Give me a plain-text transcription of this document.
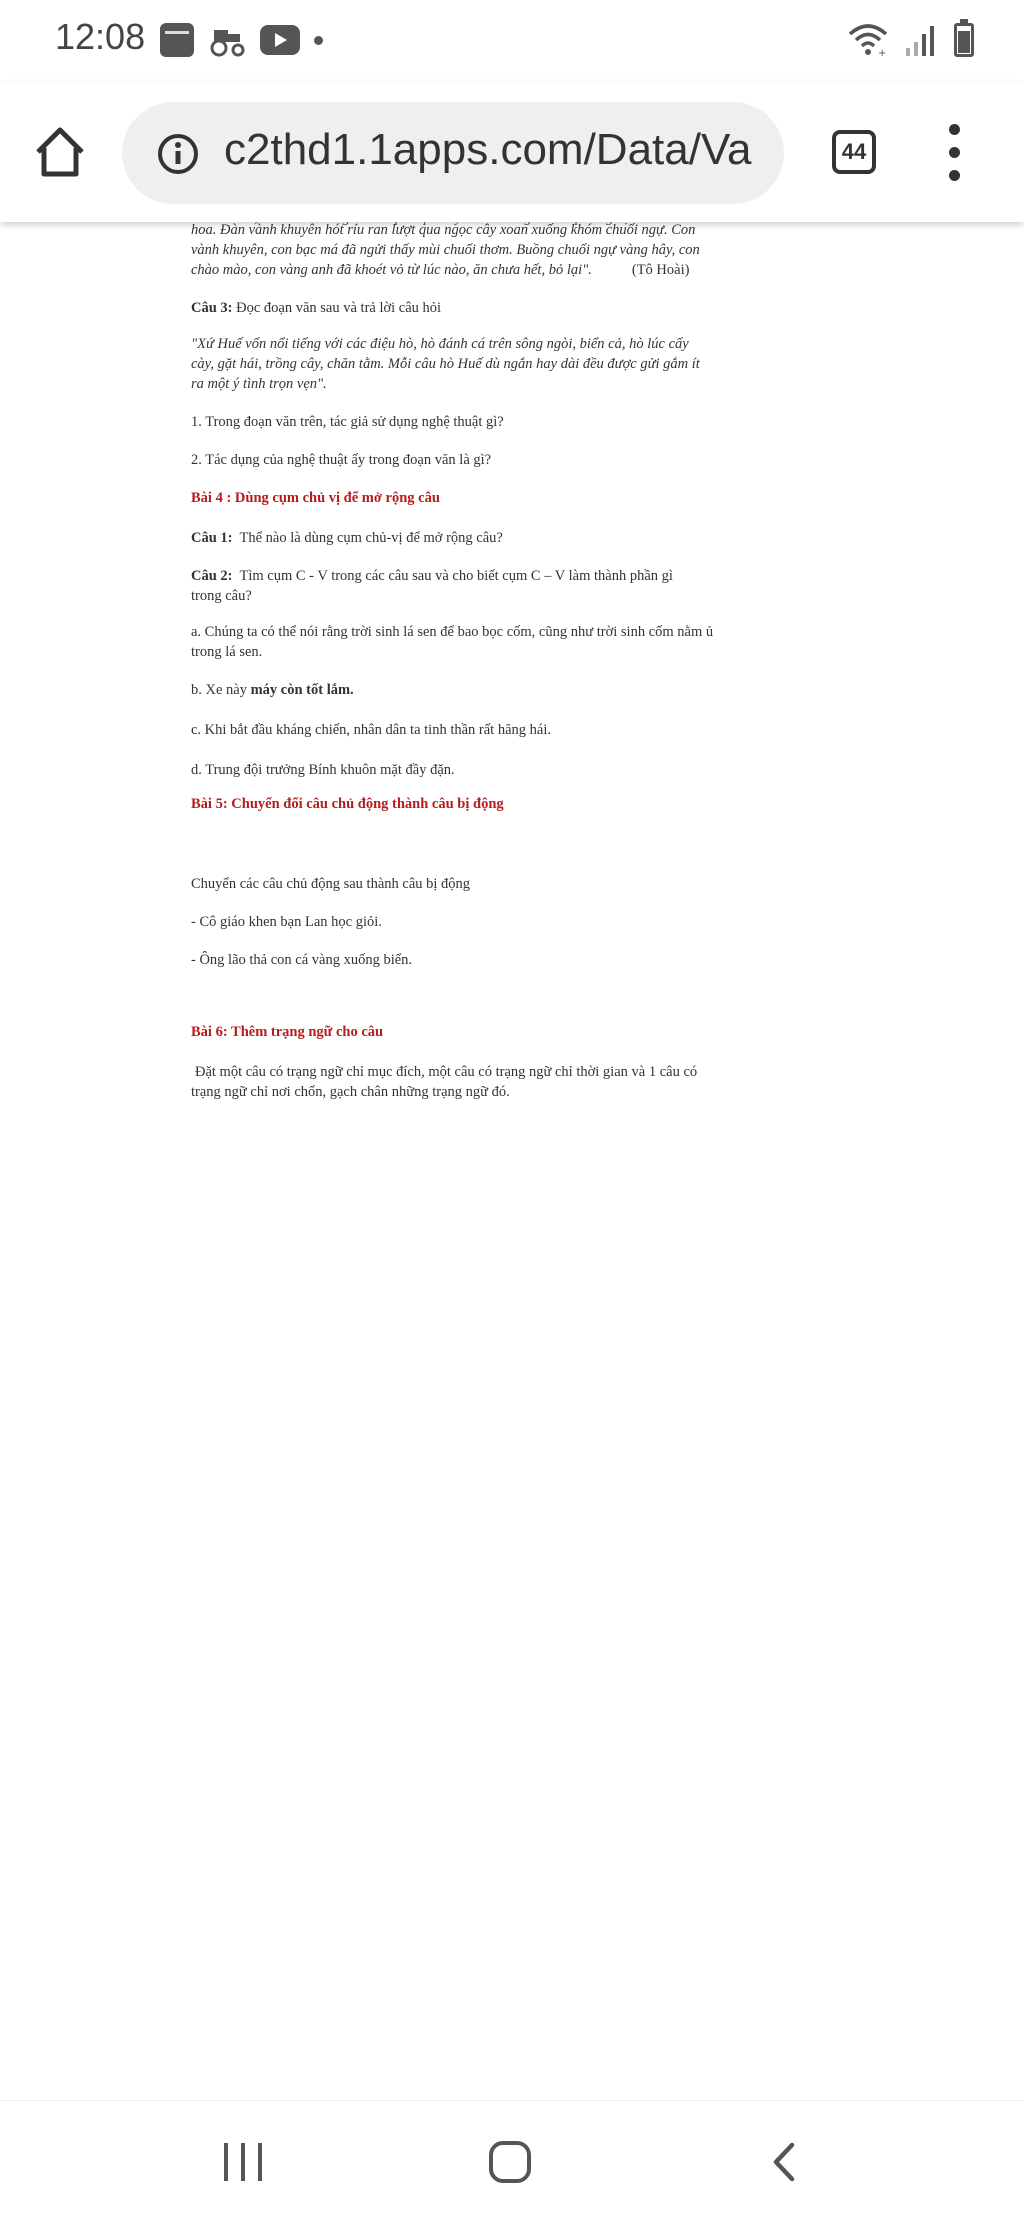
12:08	+
c2thd1.1apps.com/Data/Va	44

hoa. Đàn vành khuyên hót ríu ran lượt qua ngọc cây xoan xuống khóm chuối ngự. Con

vành khuyên, con bạc má đã ngửi thấy mùi chuối thơm. Buồng chuối ngự vàng hây, con

chào mào, con vàng anh đã khoét vỏ từ lúc nào, ăn chưa hết, bỏ lại".	(Tô Hoài)

Câu 3: Đọc đoạn văn sau và trả lời câu hỏi

"Xứ Huế vốn nổi tiếng với các điệu hò, hò đánh cá trên sông ngòi, biển cả, hò lúc cấy

cày, gặt hái, trồng cây, chăn tằm. Mỗi câu hò Huế dù ngắn hay dài đều được gửi gắm ít

ra một ý tình trọn vẹn".

1. Trong đoạn văn trên, tác giả sử dụng nghệ thuật gì?

2. Tác dụng của nghệ thuật ấy trong đoạn văn là gì?

Bài 4 : Dùng cụm chủ vị để mở rộng câu

Câu 1: Thế nào là dùng cụm chủ-vị để mở rộng câu?

Câu 2: Tìm cụm C - V trong các câu sau và cho biết cụm C – V làm thành phần gì

trong câu?

a. Chúng ta có thể nói rằng trời sinh lá sen để bao bọc cốm, cũng như trời sinh cốm nằm ủ

trong lá sen.

b. Xe này máy còn tốt lắm.

c. Khi bắt đầu kháng chiến, nhân dân ta tinh thần rất hăng hái.

d. Trung đội trưởng Bính khuôn mặt đầy đặn.

Bài 5: Chuyển đổi câu chủ động thành câu bị động

Chuyển các câu chủ động sau thành câu bị động

- Cô giáo khen bạn Lan học giỏi.

- Ông lão thả con cá vàng xuống biển.

Bài 6: Thêm trạng ngữ cho câu

Đặt một câu có trạng ngữ chỉ mục đích, một câu có trạng ngữ chỉ thời gian và 1 câu có

trạng ngữ chỉ nơi chốn, gạch chân những trạng ngữ đó.
